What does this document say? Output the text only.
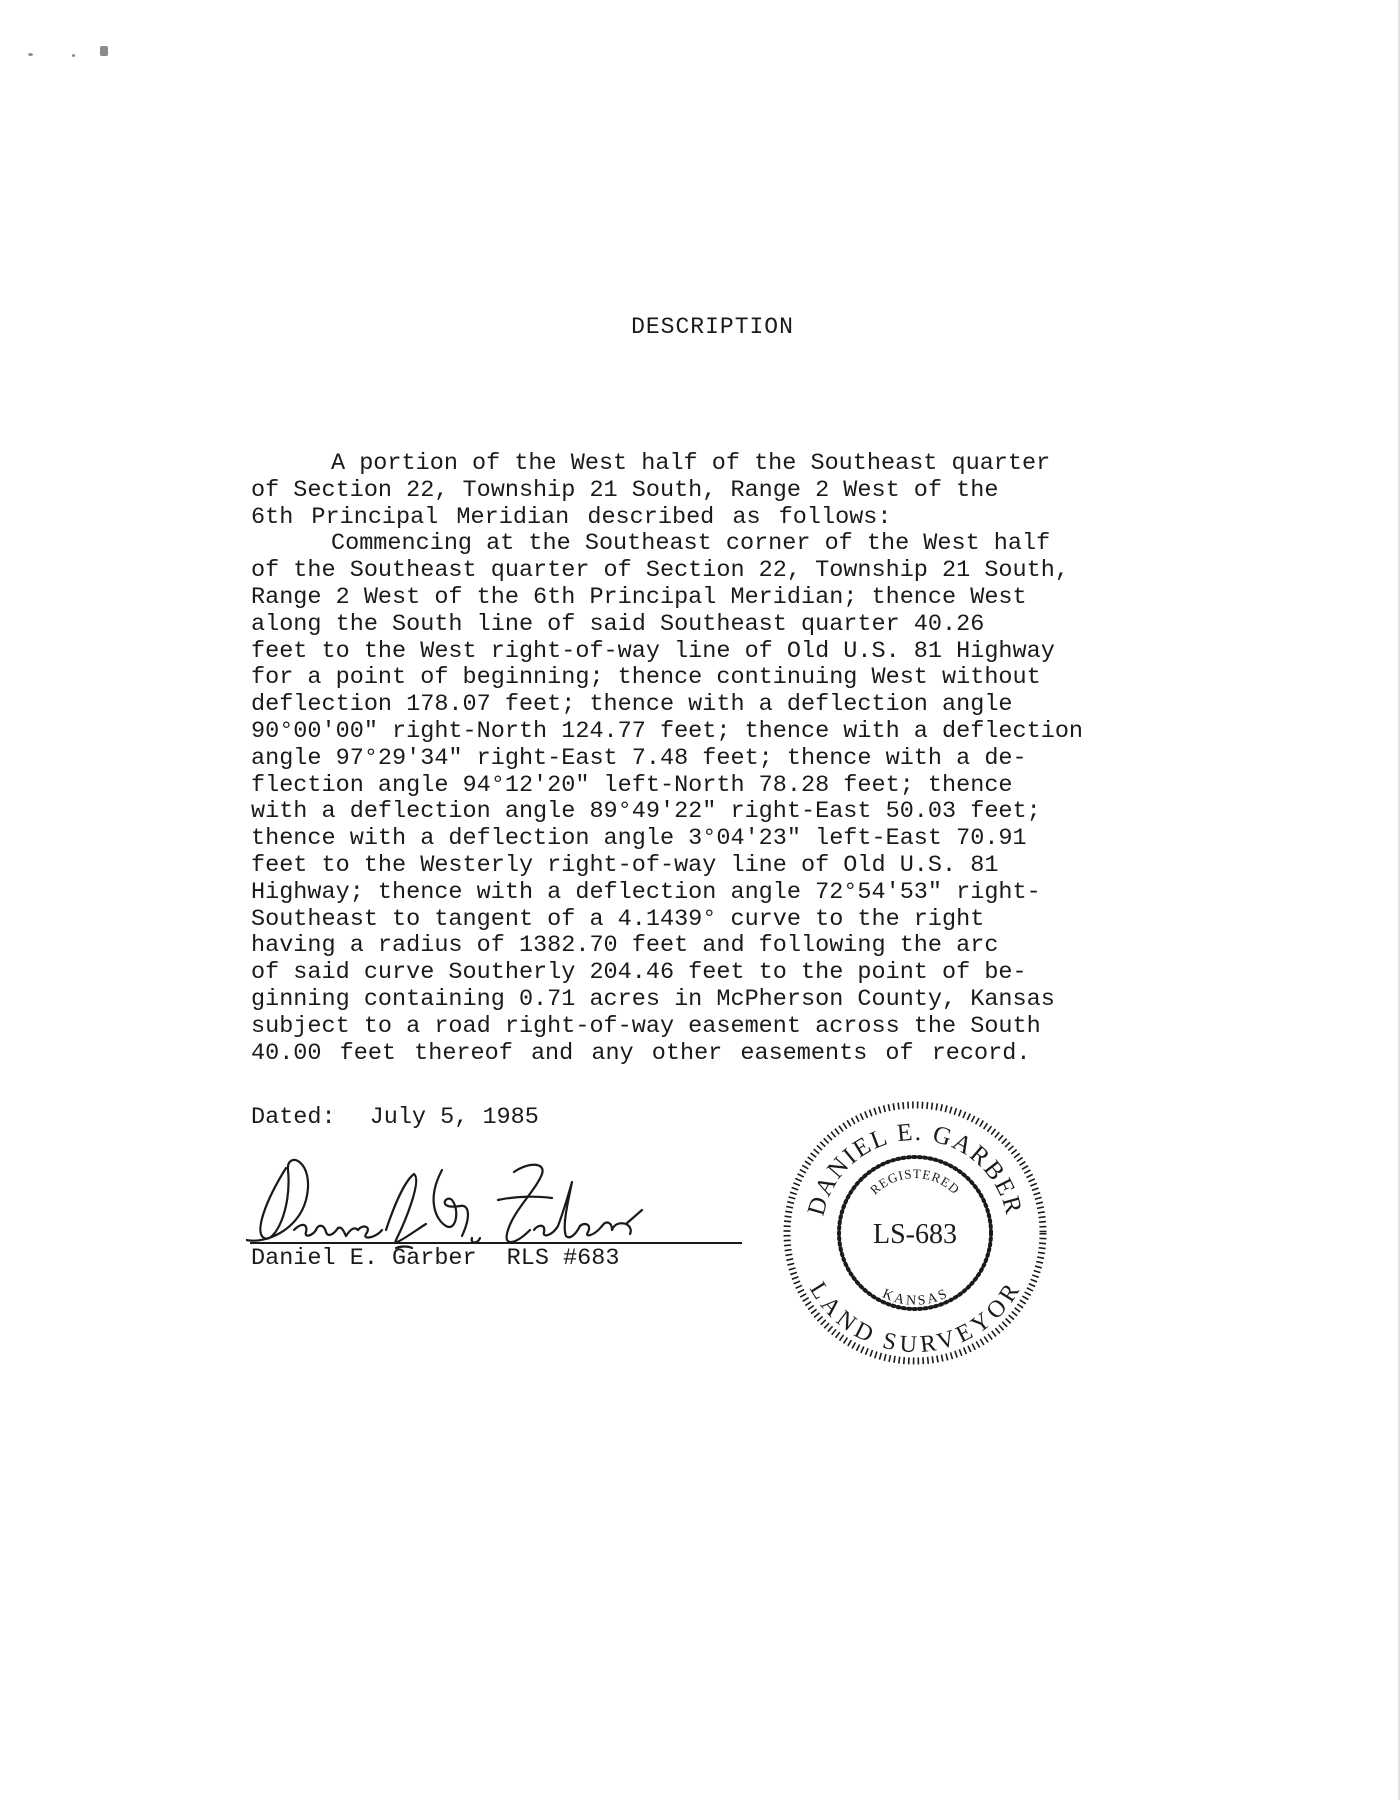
DESCRIPTION
A portion of the West half of the Southeast quarter
of Section 22, Township 21 South, Range 2 West of the
6th Principal Meridian described as follows:
Commencing at the Southeast corner of the West half
of the Southeast quarter of Section 22, Township 21 South,
Range 2 West of the 6th Principal Meridian; thence West
along the South line of said Southeast quarter 40.26
feet to the West right-of-way line of Old U.S. 81 Highway
for a point of beginning; thence continuing West without
deflection 178.07 feet; thence with a deflection angle
90°00'00" right-North 124.77 feet; thence with a deflection
angle 97°29'34" right-East 7.48 feet; thence with a de-
flection angle 94°12'20" left-North 78.28 feet; thence
with a deflection angle 89°49'22" right-East 50.03 feet;
thence with a deflection angle 3°04'23" left-East 70.91
feet to the Westerly right-of-way line of Old U.S. 81
Highway; thence with a deflection angle 72°54'53" right-
Southeast to tangent of a 4.1439° curve to the right
having a radius of 1382.70 feet and following the arc
of said curve Southerly 204.46 feet to the point of be-
ginning containing 0.71 acres in McPherson County, Kansas
subject to a road right-of-way easement across the South
40.00 feet thereof and any other easements of record.
Dated: July 5, 1985
Daniel E. Garber RLS #683
DANIEL E. GARBER
LAND SURVEYOR
REGISTERED
KANSAS
LS-683
